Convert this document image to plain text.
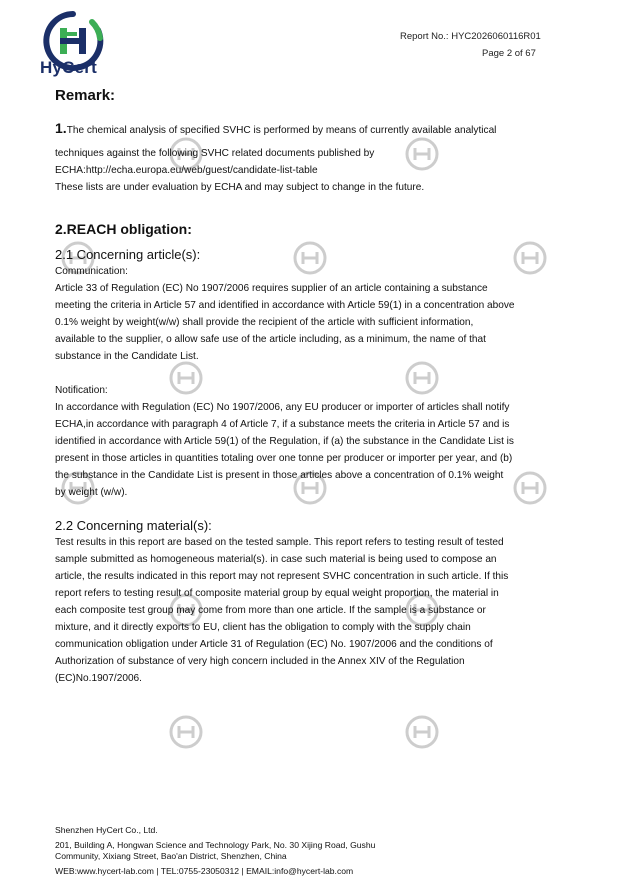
HyCert
Report No.: HYC2026060116R01
Page 2 of 67
Remark:
1.The chemical analysis of specified SVHC is performed by means of currently available analytical
techniques against the following SVHC related documents published by
ECHA:http://echa.europa.eu/web/guest/candidate-list-table
These lists are under evaluation by ECHA and may subject to change in the future.
2.REACH obligation:
2.1 Concerning article(s):
Communication:
Article 33 of Regulation (EC) No 1907/2006 requires supplier of an article containing a substance
meeting the criteria in Article 57 and identified in accordance with Article 59(1) in a concentration above
0.1% weight by weight(w/w) shall provide the recipient of the article with sufficient information,
available to the supplier, o allow safe use of the article including, as a minimum, the name of that
substance in the Candidate List.
Notification:
In accordance with Regulation (EC) No 1907/2006, any EU producer or importer of articles shall notify
ECHA,in accordance with paragraph 4 of Article 7, if a substance meets the criteria in Article 57 and is
identified in accordance with Article 59(1) of the Regulation, if (a) the substance in the Candidate List is
present in those articles in quantities totaling over one tonne per producer or importer per year, and (b)
the substance in the Candidate List is present in those articles above a concentration of 0.1% weight
by weight (w/w).
2.2 Concerning material(s):
Test results in this report are based on the tested sample. This report refers to testing result of tested
sample submitted as homogeneous material(s). in case such material is being used to compose an
article, the results indicated in this report may not represent SVHC concentration in such article. If this
report refers to testing result of composite material group by equal weight proportion, the material in
each composite test group may come from more than one article. If the sample is a substance or
mixture, and it directly exports to EU, client has the obligation to comply with the supply chain
communication obligation under Article 31 of Regulation (EC) No. 1907/2006 and the conditions of
Authorization of substance of very high concern included in the Annex XIV of the Regulation
(EC)No.1907/2006.
Shenzhen HyCert Co., Ltd.
201, Building A, Hongwan Science and Technology Park, No. 30 Xijing Road, Gushu
Community, Xixiang Street, Bao'an District, Shenzhen, China
WEB:www.hycert-lab.com | TEL:0755-23050312 | EMAIL:info@hycert-lab.com
